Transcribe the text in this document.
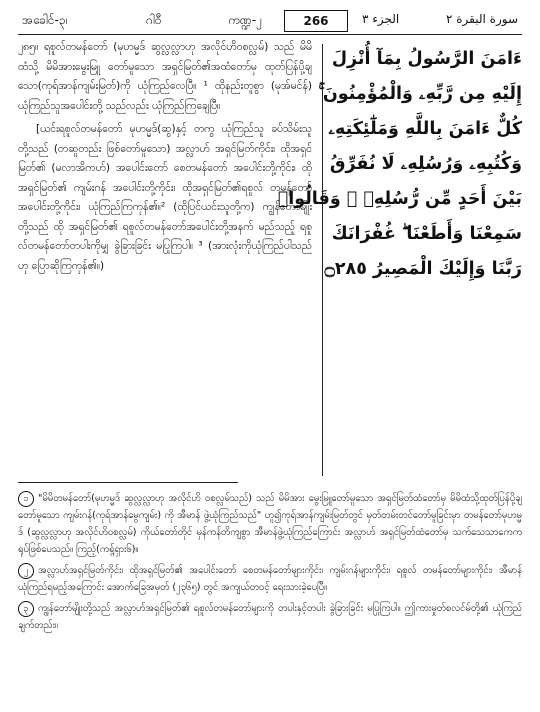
အခေါင်-၃၊	ဂါဝီ	ကဏ္ဍ-၂	266	الجزء ٣	سورة البقرة ٢

၂၈၅။ ရစူလ်တမန်တော် (မုဟမ္မဒ် ဆွလ္လလ္လာဟု အလိုင်ဟိဝစလ္လမ်) သည် မိမိထံသို့ မိမိအားမွေးမြူ တော်မူသော အရှင်မြတ်၏အထံတော်မှ ထုတ်ပြန်ပို့ချ သော(ကုရ်အာန်ကျမ်းမြတ်)ကို ယုံကြည်လေပြီ။ ¹ ထိုနည်းတူစွာ (မုအ်မင်န်) ယုံကြည်သူအပေါင်းတို့ သည်လည်း ယုံကြည်ကြချေပြီ။

[ယင်းရစူလ်တမန်တော် မုဟမ္မဒ်(ဆွ)နှင့် တကွ ယုံကြည်သူ ခပ်သိမ်းသူတို့သည် (တဆူတည်း ဖြစ်တော်မူသော) အလ္လာဟ် အရှင်မြတ်ကိုင်း၊ ထိုအရှင်မြတ်၏ (မလာအိကဟ်) အပေါင်းတော် စေတမန်တော် အပေါင်းတို့ကိုင်း၊ ထိုအရှင်မြတ်၏ ကျမ်းဂန် အပေါင်းတို့ကိုင်း၊ ထိုအရှင်မြတ်၏ရစူလ် တမန်တော် အပေါင်းတို့ကိုင်း၊ ယုံကြည်ကြကုန်၏။² (ထိုပြင်ယင်းသူတို့က) ကျွန်တော်မျိုးတို့သည် ထို အရှင်မြတ်၏ ရစူလ်တမန်တော်အပေါင်းတို့အနက် မည်သည့် ရစူလ်တမန်တော်တပါးကိုမျှ ခွဲခြားခြင်း မပြုကြပါ။ ³ (အားလုံးကိုယုံကြည်ပါသည် ဟု ပြောဆိုကြကုန်၏။)

ءَامَنَ الرَّسُولُ بِمَآ أُنْزِلَ
إِلَيْهِ مِن رَّبِّهِۦ وَالْمُؤْمِنُونَ ۚ
كُلٌّ ءَامَنَ بِاللَّهِ وَمَلَٰٓئِكَتِهِۦ
وَكُتُبِهِۦ وَرُسُلِهِۦ لَا نُفَرِّقُ
بَيْنَ أَحَدٍ مِّن رُّسُلِهِۦ ۚ وَقَالُوا۟
سَمِعْنَا وَأَطَعْنَا ۖ غُفْرَانَكَ
رَبَّنَا وَإِلَيْكَ الْمَصِيرُ ۝٢٨٥
၁ "မိမိတမန်တော်(မုဟမ္မဒ် ဆွလ္လလ္လာဟု အလိုင်ဟိ ဝစလ္လမ်သည်) သည် မိမိအား မွေးမြူတော်မူသော အရှင်မြတ်ထံတော်မှ မိမိထံသို့ထုတ်ပြန်ပို့ချတော်မူသော ကျမ်းဂန်(ကုရ်အာန်မွေကျမ်း) ကို အီမာန် ဖွဲ့ယုံကြည်သည်" ဟူ၍ကုရ်အာန်ကျမ်းမြတ်တွင် မှတ်တမ်းတင်တော်မူခြင်းမှာ တမန်တော်မုဟမ္မဒ် (ဆွလ္လလ္လာဟု အလိုင်ဟိဝစလ္လမ်) ကိုယ်တော်တိုင် မှန်ကန်တိကျစွာ အီမာန်ဖွဲ့ယုံကြည်ကြောင်း အလ္လာဟ် အရှင်မြတ်ထံတော်မှ သက်သေသာကေကရုပ်ဖြစ်ပေသည်။ ကြည့်(ကရ္ဂ်ရှား၆)။
၂ အလ္လာဟ်အရှင်မြတ်ကိုင်း၊ ထိုအရှင်မြတ်၏ အပေါင်းတော် စေတမန်တော်များကိုင်း၊ ကျမ်းဂန်များကိုင်း၊ ရစူလ် တမန်တော်များကိုင်း၊ အီမာန် ယုံကြည်ရမည့်အကြောင်း အောက်ခြေအမှတ် (၂၃၆၅) တွင် အကျယ်တဝင့် ရေးသားခဲ့ပေပြီ။
၃ ကျွန်တော်မျိုးတို့သည် အလ္လာဟ်အရှင်မြတ်၏ ရစူလ်တမန်တော်များကို တပါးနှင့်တပါး ခွဲခြားခြင်း မပြုကြပါ။ ဤကားမှုတ်စလင်မ်တို့၏ ယုံကြည်ချက်တည်း။
